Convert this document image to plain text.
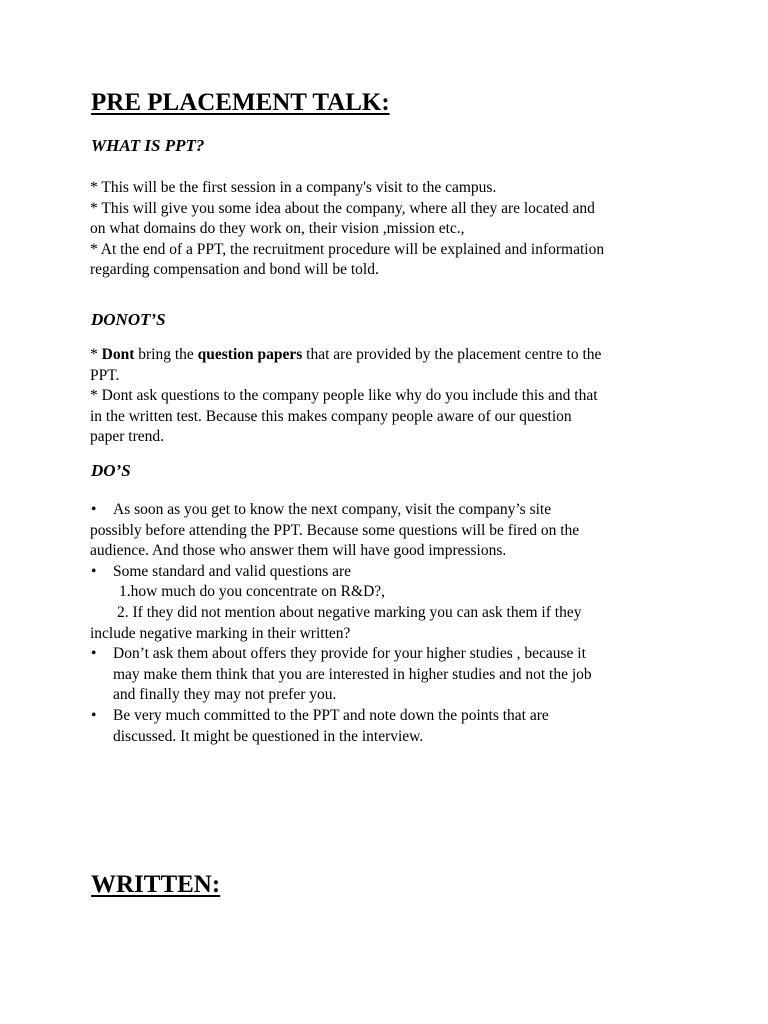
PRE PLACEMENT TALK:
WHAT IS PPT?
* This will be the first session in a company's visit to the campus.
* This will give you some idea about the company, where all they are located and
on what domains do they work on, their vision ,mission etc.,
* At the end of a PPT, the recruitment procedure will be explained and information
regarding compensation and bond will be told.
DONOT’S
* Dont bring the question papers that are provided by the placement centre to the
PPT.
* Dont ask questions to the company people like why do you include this and that
in the written test. Because this makes company people aware of our question
paper trend.
DO’S
• As soon as you get to know the next company, visit the company’s site
possibly before attending the PPT. Because some questions will be fired on the
audience. And those who answer them will have good impressions.
• Some standard and valid questions are
1.how much do you concentrate on R&D?,
2. If they did not mention about negative marking you can ask them if they
include negative marking in their written?
• Don’t ask them about offers they provide for your higher studies , because it
may make them think that you are interested in higher studies and not the job
and finally they may not prefer you.
• Be very much committed to the PPT and note down the points that are
discussed. It might be questioned in the interview.
WRITTEN:
